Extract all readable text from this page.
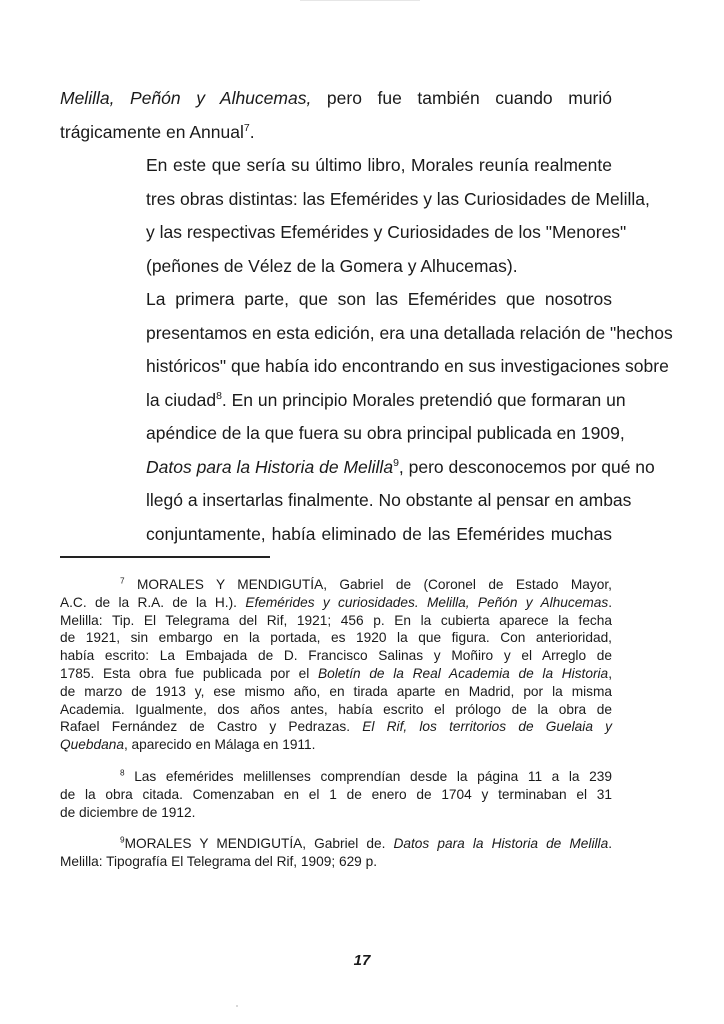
Melilla, Peñón y Alhucemas, pero fue también cuando murió
trágicamente en Annual$^7$.

En este que sería su último libro, Morales reunía realmente
tres obras distintas: las Efemérides y las Curiosidades de Melilla,
y las respectivas Efemérides y Curiosidades de los "Menores"
(peñones de Vélez de la Gomera y Alhucemas).

La primera parte, que son las Efemérides que nosotros
presentamos en esta edición, era una detallada relación de "hechos
históricos" que había ido encontrando en sus investigaciones sobre
la ciudad$^8$. En un principio Morales pretendió que formaran un
apéndice de la que fuera su obra principal publicada en 1909,
Datos para la Historia de Melilla$^9$, pero desconocemos por qué no
llegó a insertarlas finalmente. No obstante al pensar en ambas
conjuntamente, había eliminado de las Efemérides muchas

$^7$ MORALES Y MENDIGUTÍA, Gabriel de (Coronel de Estado Mayor,
A.C. de la R.A. de la H.). Efemérides y curiosidades. Melilla, Peñón y Alhucemas.
Melilla: Tip. El Telegrama del Rif, 1921; 456 p. En la cubierta aparece la fecha
de 1921, sin embargo en la portada, es 1920 la que figura. Con anterioridad,
había escrito: La Embajada de D. Francisco Salinas y Moñiro y el Arreglo de
1785. Esta obra fue publicada por el Boletín de la Real Academia de la Historia,
de marzo de 1913 y, ese mismo año, en tirada aparte en Madrid, por la misma
Academia. Igualmente, dos años antes, había escrito el prólogo de la obra de
Rafael Fernández de Castro y Pedrazas. El Rif, los territorios de Guelaia y
Quebdana, aparecido en Málaga en 1911.
$^8$ Las efemérides melillenses comprendían desde la página 11 a la 239
de la obra citada. Comenzaban en el 1 de enero de 1704 y terminaban el 31
de diciembre de 1912.
$^9$MORALES Y MENDIGUTÍA, Gabriel de. Datos para la Historia de Melilla.
Melilla: Tipografía El Telegrama del Rif, 1909; 629 p.
17
